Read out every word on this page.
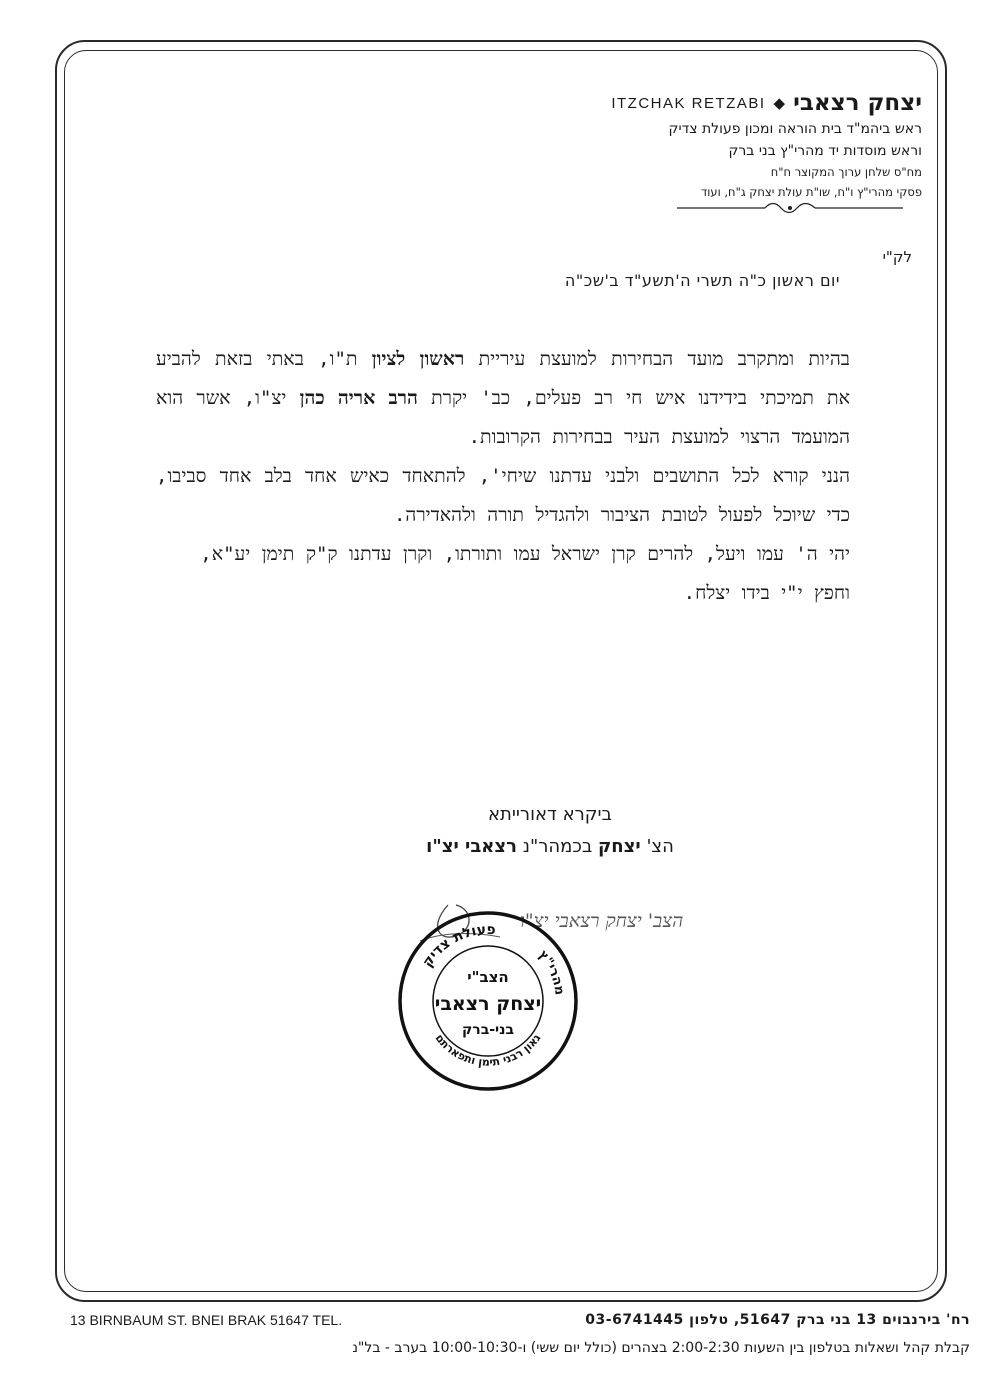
יצחק רצאבי
◆
ITZCHAK RETZABI
ראש ביהמ"ד בית הוראה ומכון פעולת צדיק
וראש מוסדות יד מהרי"ץ בני ברק
מח"ס שלחן ערוך המקוצר ח"ח
פסקי מהרי"ץ ו"ח, שו"ת עולת יצחק ג"ח, ועוד
לק"י
יום ראשון כ"ה תשרי ה'תשע"ד ב'שכ"ה

בהיות ומתקרב מועד הבחירות למועצת עיריית ראשון לציון ת"ו, באתי בזאת להביע את תמיכתי בידידנו איש חי רב פעלים, כב' יקרת הרב אריה כהן יצ"ו, אשר הוא המועמד הרצוי למועצת העיר בבחירות הקרובות.

הנני קורא לכל התושבים ולבני עדתנו שיחי', להתאחד כאיש אחד בלב אחד סביבו, כדי שיוכל לפעול לטובת הציבור ולהגדיל תורה ולהאדירה.

יהי ה' עמו ויעל, להרים קרן ישראל עמו ותורתו, וקרן עדתנו ק"ק תימן יע"א, וחפץ י"י בידו יצלח.

ביקרא דאורייתא
הצ' יצחק בכמהר"נ רצאבי יצ"ו
הצב' יצחק רצאבי יצ"ו
פעולת צדיק
מהרי"ץ
גאון רבני תימן ותפארתם
הצב"י
יצחק רצאבי
בני-ברק
רח' בירנבוים 13 בני ברק 51647, טלפון 03-6741445
13 BIRNBAUM ST. BNEI BRAK 51647 TEL.
קבלת קהל ושאלות בטלפון בין השעות 2:00-2:30 בצהרים (כולל יום ששי) ו-10:00-10:30 בערב - בל"נ
